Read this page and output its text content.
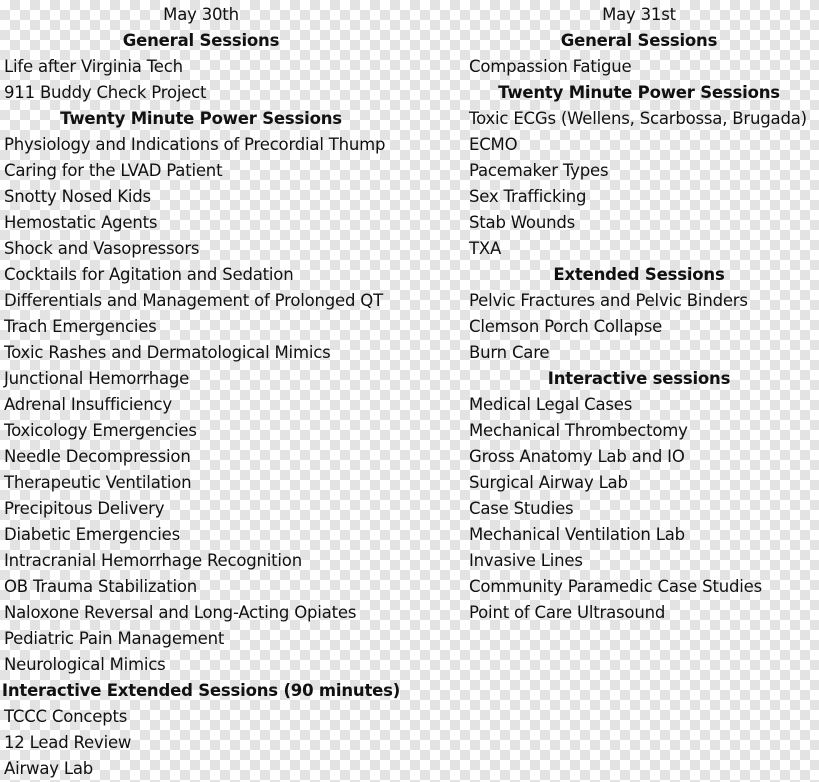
May 30th
General Sessions
Life after Virginia Tech
911 Buddy Check Project
Twenty Minute Power Sessions
Physiology and Indications of Precordial Thump
Caring for the LVAD Patient
Snotty Nosed Kids
Hemostatic Agents
Shock and Vasopressors
Cocktails for Agitation and Sedation
Differentials and Management of Prolonged QT
Trach Emergencies
Toxic Rashes and Dermatological Mimics
Junctional Hemorrhage
Adrenal Insufficiency
Toxicology Emergencies
Needle Decompression
Therapeutic Ventilation
Precipitous Delivery
Diabetic Emergencies
Intracranial Hemorrhage Recognition
OB Trauma Stabilization
Naloxone Reversal and Long-Acting Opiates
Pediatric Pain Management
Neurological Mimics
Interactive Extended Sessions (90 minutes)
TCCC Concepts
12 Lead Review
Airway Lab
May 31st
General Sessions
Compassion Fatigue
Twenty Minute Power Sessions
Toxic ECGs (Wellens, Scarbossa, Brugada)
ECMO
Pacemaker Types
Sex Trafficking
Stab Wounds
TXA
Extended Sessions
Pelvic Fractures and Pelvic Binders
Clemson Porch Collapse
Burn Care
Interactive sessions
Medical Legal Cases
Mechanical Thrombectomy
Gross Anatomy Lab and IO
Surgical Airway Lab
Case Studies
Mechanical Ventilation Lab
Invasive Lines
Community Paramedic Case Studies
Point of Care Ultrasound
